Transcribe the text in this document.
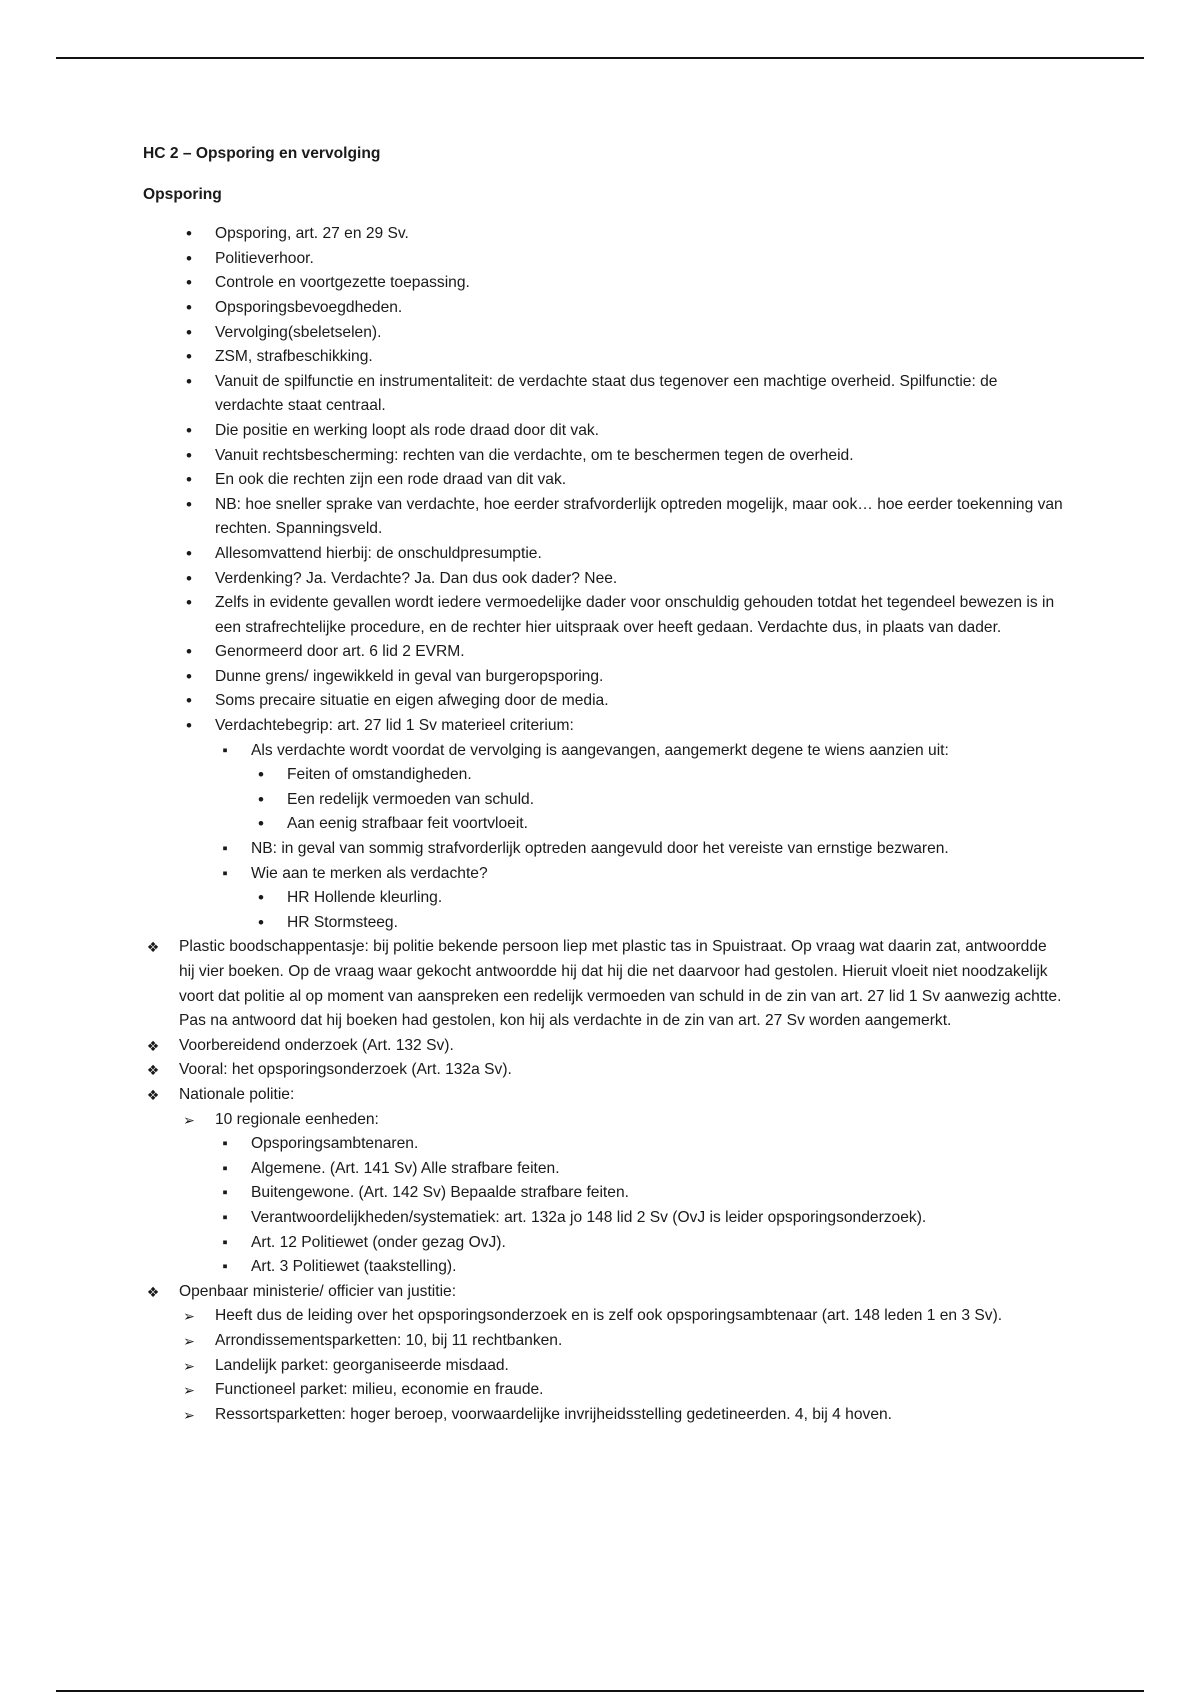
HC 2 – Opsporing en vervolging

Opsporing

•
Opsporing, art. 27 en 29 Sv.
•
Politieverhoor.
•
Controle en voortgezette toepassing.
•
Opsporingsbevoegdheden.
•
Vervolging(sbeletselen).
•
ZSM, strafbeschikking.
•
Vanuit de spilfunctie en instrumentaliteit: de verdachte staat dus tegenover een machtige overheid. Spilfunctie: de verdachte staat centraal.
•
Die positie en werking loopt als rode draad door dit vak.
•
Vanuit rechtsbescherming: rechten van die verdachte, om te beschermen tegen de overheid.
•
En ook die rechten zijn een rode draad van dit vak.
•
NB: hoe sneller sprake van verdachte, hoe eerder strafvorderlijk optreden mogelijk, maar ook… hoe eerder toekenning van rechten. Spanningsveld.
•
Allesomvattend hierbij: de onschuldpresumptie.
•
Verdenking? Ja. Verdachte? Ja. Dan dus ook dader? Nee.
•
Zelfs in evidente gevallen wordt iedere vermoedelijke dader voor onschuldig gehouden totdat het tegendeel bewezen is in een strafrechtelijke procedure, en de rechter hier uitspraak over heeft gedaan. Verdachte dus, in plaats van dader.
•
Genormeerd door art. 6 lid 2 EVRM.
•
Dunne grens/ ingewikkeld in geval van burgeropsporing.
•
Soms precaire situatie en eigen afweging door de media.
•
Verdachtebegrip: art. 27 lid 1 Sv materieel criterium:
▪
Als verdachte wordt voordat de vervolging is aangevangen, aangemerkt degene te wiens aanzien uit:
•
Feiten of omstandigheden.
•
Een redelijk vermoeden van schuld.
•
Aan eenig strafbaar feit voortvloeit.
▪
NB: in geval van sommig strafvorderlijk optreden aangevuld door het vereiste van ernstige bezwaren.
▪
Wie aan te merken als verdachte?
•
HR Hollende kleurling.
•
HR Stormsteeg.
❖
Plastic boodschappentasje: bij politie bekende persoon liep met plastic tas in Spuistraat. Op vraag wat daarin zat, antwoordde hij vier boeken. Op de vraag waar gekocht antwoordde hij dat hij die net daarvoor had gestolen. Hieruit vloeit niet noodzakelijk voort dat politie al op moment van aanspreken een redelijk vermoeden van schuld in de zin van art. 27 lid 1 Sv aanwezig achtte. Pas na antwoord dat hij boeken had gestolen, kon hij als verdachte in de zin van art. 27 Sv worden aangemerkt.
❖
Voorbereidend onderzoek (Art. 132 Sv).
❖
Vooral: het opsporingsonderzoek (Art. 132a Sv).
❖
Nationale politie:
➢
10 regionale eenheden:
▪
Opsporingsambtenaren.
▪
Algemene. (Art. 141 Sv) Alle strafbare feiten.
▪
Buitengewone. (Art. 142 Sv) Bepaalde strafbare feiten.
▪
Verantwoordelijkheden/systematiek: art. 132a jo 148 lid 2 Sv (OvJ is leider opsporingsonderzoek).
▪
Art. 12 Politiewet (onder gezag OvJ).
▪
Art. 3 Politiewet (taakstelling).
❖
Openbaar ministerie/ officier van justitie:
➢
Heeft dus de leiding over het opsporingsonderzoek en is zelf ook opsporingsambtenaar (art. 148 leden 1 en 3 Sv).
➢
Arrondissementsparketten: 10, bij 11 rechtbanken.
➢
Landelijk parket: georganiseerde misdaad.
➢
Functioneel parket: milieu, economie en fraude.
➢
Ressortsparketten: hoger beroep, voorwaardelijke invrijheidsstelling gedetineerden. 4, bij 4 hoven.
